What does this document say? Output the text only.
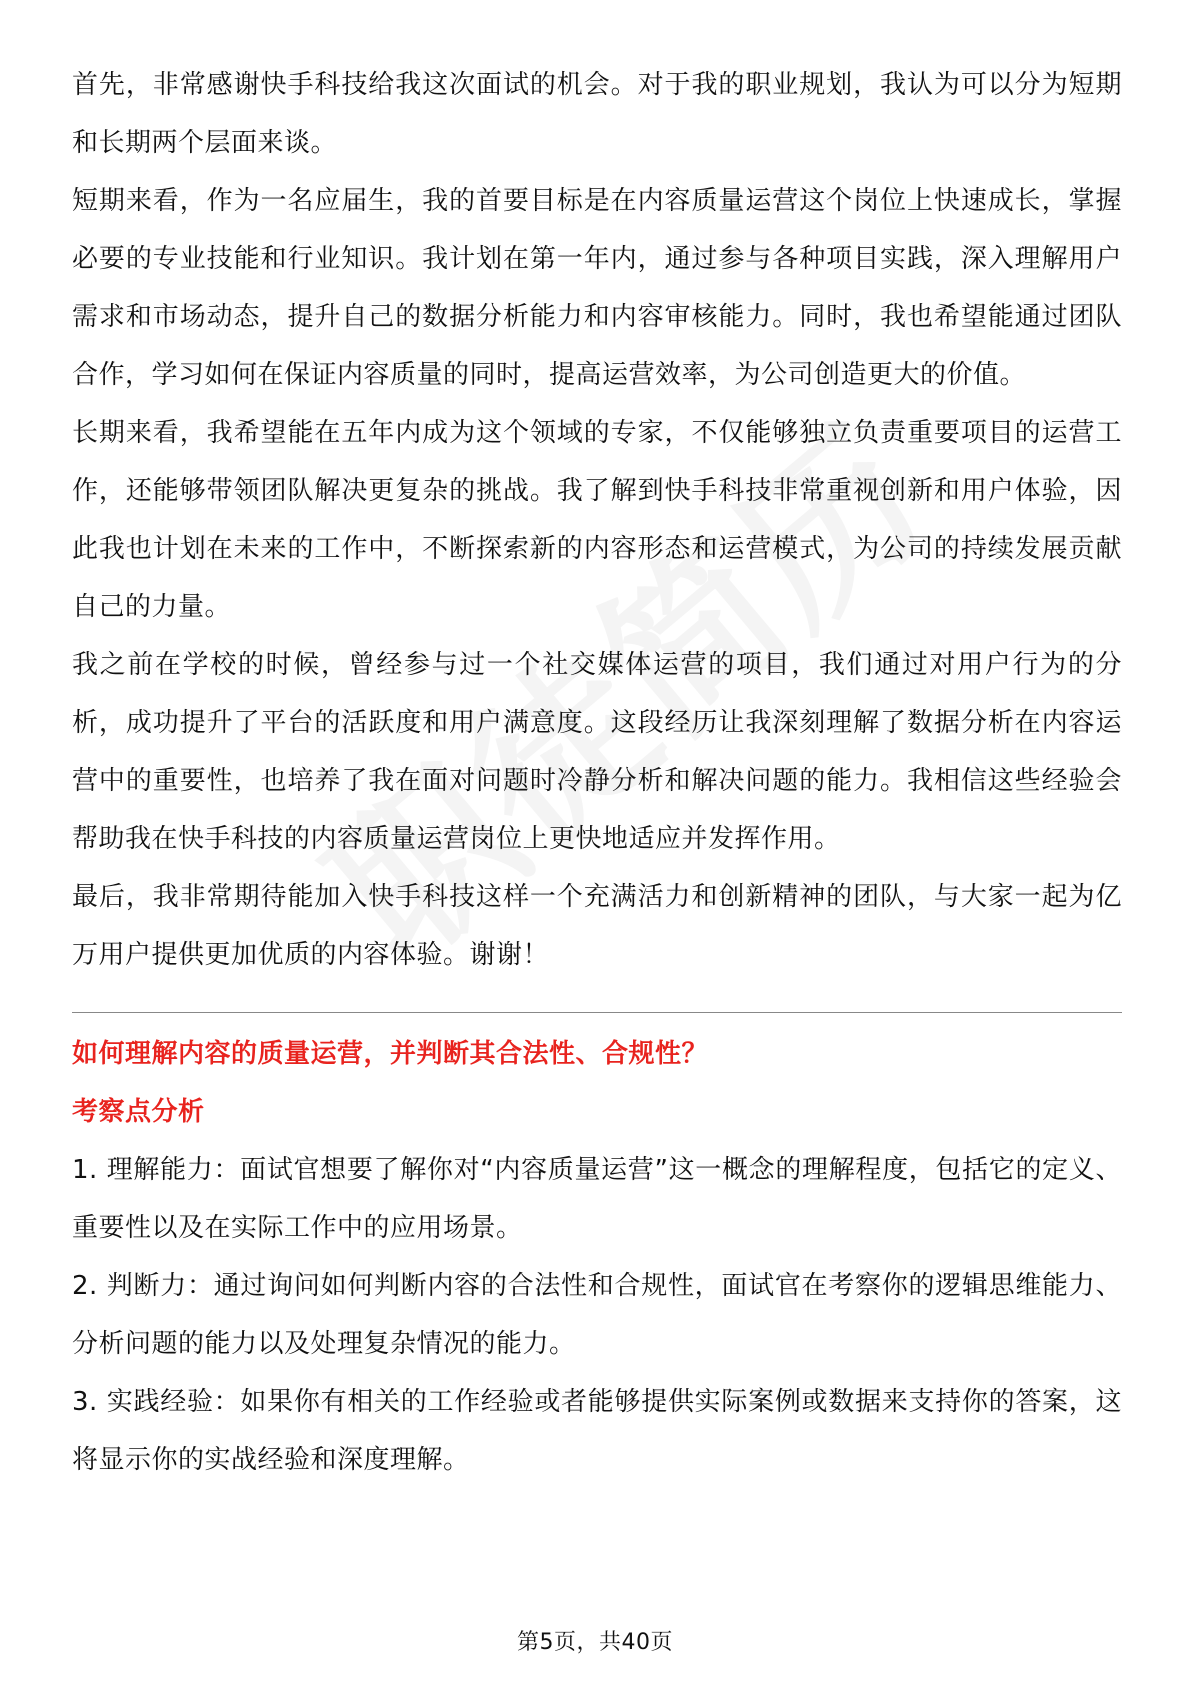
首先，非常感谢快手科技给我这次面试的机会。对于我的职业规划，我认为可以分为短期和长期两个层面来谈。

短期来看，作为一名应届生，我的首要目标是在内容质量运营这个岗位上快速成长，掌握必要的专业技能和行业知识。我计划在第一年内，通过参与各种项目实践，深入理解用户需求和市场动态，提升自己的数据分析能力和内容审核能力。同时，我也希望能通过团队合作，学习如何在保证内容质量的同时，提高运营效率，为公司创造更大的价值。

长期来看，我希望能在五年内成为这个领域的专家，不仅能够独立负责重要项目的运营工作，还能够带领团队解决更复杂的挑战。我了解到快手科技非常重视创新和用户体验，因此我也计划在未来的工作中，不断探索新的内容形态和运营模式，为公司的持续发展贡献自己的力量。

我之前在学校的时候，曾经参与过一个社交媒体运营的项目，我们通过对用户行为的分析，成功提升了平台的活跃度和用户满意度。这段经历让我深刻理解了数据分析在内容运营中的重要性，也培养了我在面对问题时冷静分析和解决问题的能力。我相信这些经验会帮助我在快手科技的内容质量运营岗位上更快地适应并发挥作用。

最后，我非常期待能加入快手科技这样一个充满活力和创新精神的团队，与大家一起为亿万用户提供更加优质的内容体验。谢谢！

如何理解内容的质量运营，并判断其合法性、合规性？

考察点分析

1. 理解能力：面试官想要了解你对“内容质量运营”这一概念的理解程度，包括它的定义、重要性以及在实际工作中的应用场景。

2. 判断力：通过询问如何判断内容的合法性和合规性，面试官在考察你的逻辑思维能力、分析问题的能力以及处理复杂情况的能力。

3. 实践经验：如果你有相关的工作经验或者能够提供实际案例或数据来支持你的答案，这将显示你的实战经验和深度理解。

第5页，共40页
